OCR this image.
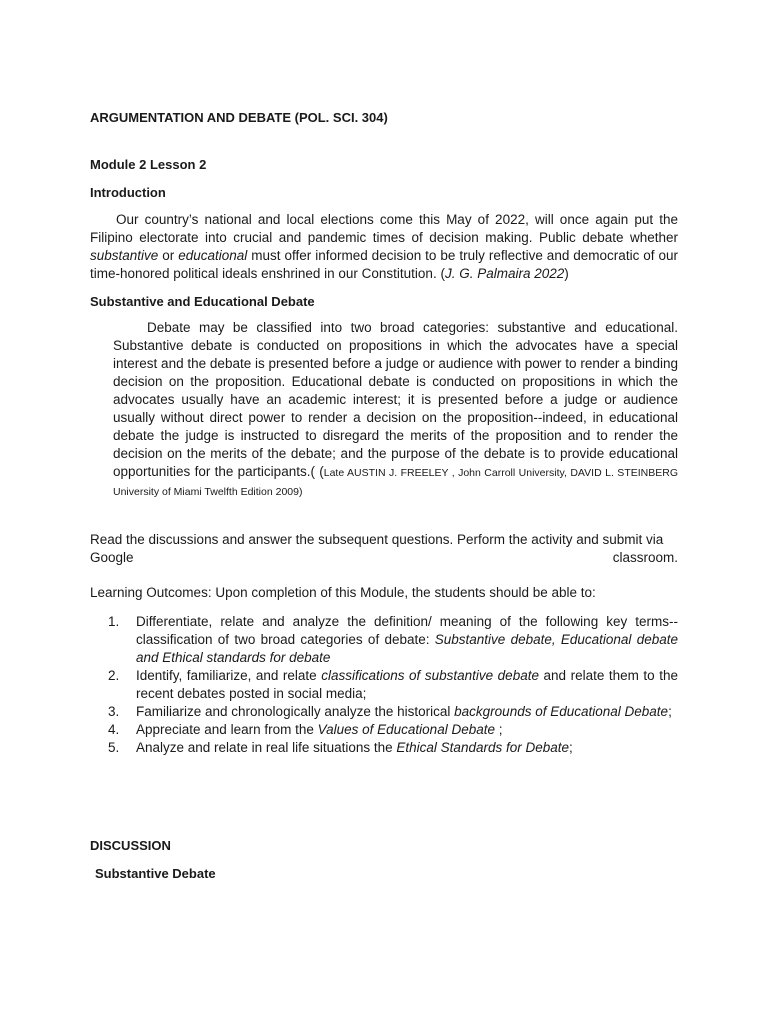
ARGUMENTATION AND DEBATE (POL. SCI. 304)

Module 2 Lesson 2

Introduction

Our country’s national and local elections come this May of 2022, will once again put the Filipino electorate into crucial and pandemic times of decision making. Public debate whether substantive or educational must offer informed decision to be truly reflective and democratic of our time-honored political ideals enshrined in our Constitution. (J. G. Palmaira 2022)

Substantive and Educational Debate

Debate may be classified into two broad categories: substantive and educational. Substantive debate is conducted on propositions in which the advocates have a special interest and the debate is presented before a judge or audience with power to render a binding decision on the proposition. Educational debate is conducted on propositions in which the advocates usually have an academic interest; it is presented before a judge or audience usually without direct power to render a decision on the proposition--indeed, in educational debate the judge is instructed to disregard the merits of the proposition and to render the decision on the merits of the debate; and the purpose of the debate is to provide educational opportunities for the participants.( (Late AUSTIN J. FREELEY , John Carroll University, DAVID L. STEINBERG University of Miami Twelfth Edition 2009)

Read the discussions and answer the subsequent questions. Perform the activity and submit via
Google	classroom.

Learning Outcomes: Upon completion of this Module, the students should be able to:

1.	Differentiate, relate and analyze the definition/ meaning of the following key terms-- classification of two broad categories of debate: Substantive debate, Educational debate and Ethical standards for debate
2.	Identify, familiarize, and relate classifications of substantive debate and relate them to the recent debates posted in social media;
3.	Familiarize and chronologically analyze the historical backgrounds of Educational Debate;
4.	Appreciate and learn from the Values of Educational Debate ;
5.	Analyze and relate in real life situations the Ethical Standards for Debate;

DISCUSSION

Substantive Debate
